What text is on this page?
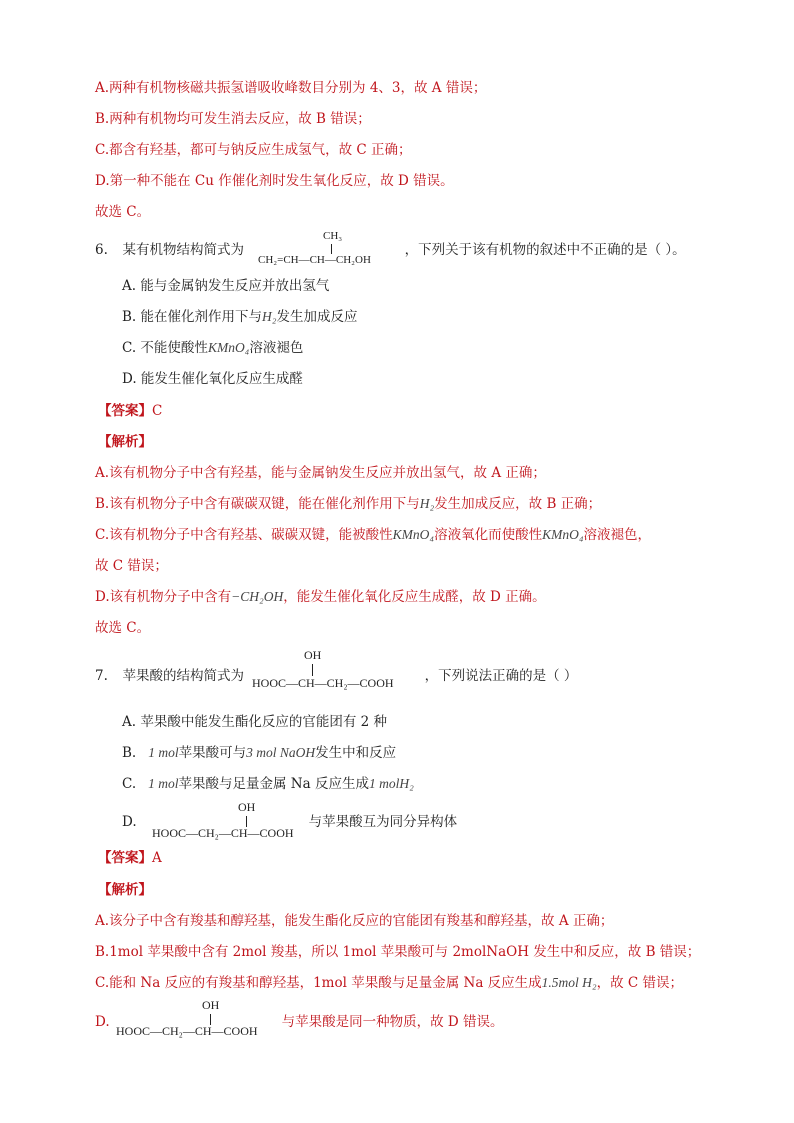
A.两种有机物核磁共振氢谱吸收峰数目分别为 4、3，故 A 错误；
B.两种有机物均可发生消去反应，故 B 错误；
C.都含有羟基，都可与钠反应生成氢气，故 C 正确；
D.第一种不能在 Cu 作催化剂时发生氧化反应，故 D 错误。
故选 C。
6. 某有机物结构简式为	，下列关于该有机物的叙述中不正确的是（ ）。
CH₃
CH₂=CH—CH—CH₂OH
A. 能与金属钠发生反应并放出氢气
B. 能在催化剂作用下与H₂发生加成反应
C. 不能使酸性KMnO₄溶液褪色
D. 能发生催化氧化反应生成醛
【答案】C
【解析】
A.该有机物分子中含有羟基，能与金属钠发生反应并放出氢气，故 A 正确；
B.该有机物分子中含有碳碳双键，能在催化剂作用下与H₂发生加成反应，故 B 正确；
C.该有机物分子中含有羟基、碳碳双键，能被酸性KMnO₄溶液氧化而使酸性KMnO₄溶液褪色，
故 C 错误；
D.该有机物分子中含有−CH₂OH，能发生催化氧化反应生成醛，故 D 正确。
故选 C。
7. 苹果酸的结构简式为	，下列说法正确的是（ ）
OH
HOOC—CH—CH₂—COOH
A. 苹果酸中能发生酯化反应的官能团有 2 种
B. 1 mol苹果酸可与3 mol NaOH发生中和反应
C. 1 mol苹果酸与足量金属 Na 反应生成1 molH₂
D.	与苹果酸互为同分异构体
OH
HOOC—CH₂—CH—COOH
【答案】A
【解析】
A.该分子中含有羧基和醇羟基，能发生酯化反应的官能团有羧基和醇羟基，故 A 正确；
B.1mol 苹果酸中含有 2mol 羧基，所以 1mol 苹果酸可与 2molNaOH 发生中和反应，故 B 错误；
C.能和 Na 反应的有羧基和醇羟基，1mol 苹果酸与足量金属 Na 反应生成1.5mol H₂，故 C 错误；
D.	与苹果酸是同一种物质，故 D 错误。
OH
HOOC—CH₂—CH—COOH
